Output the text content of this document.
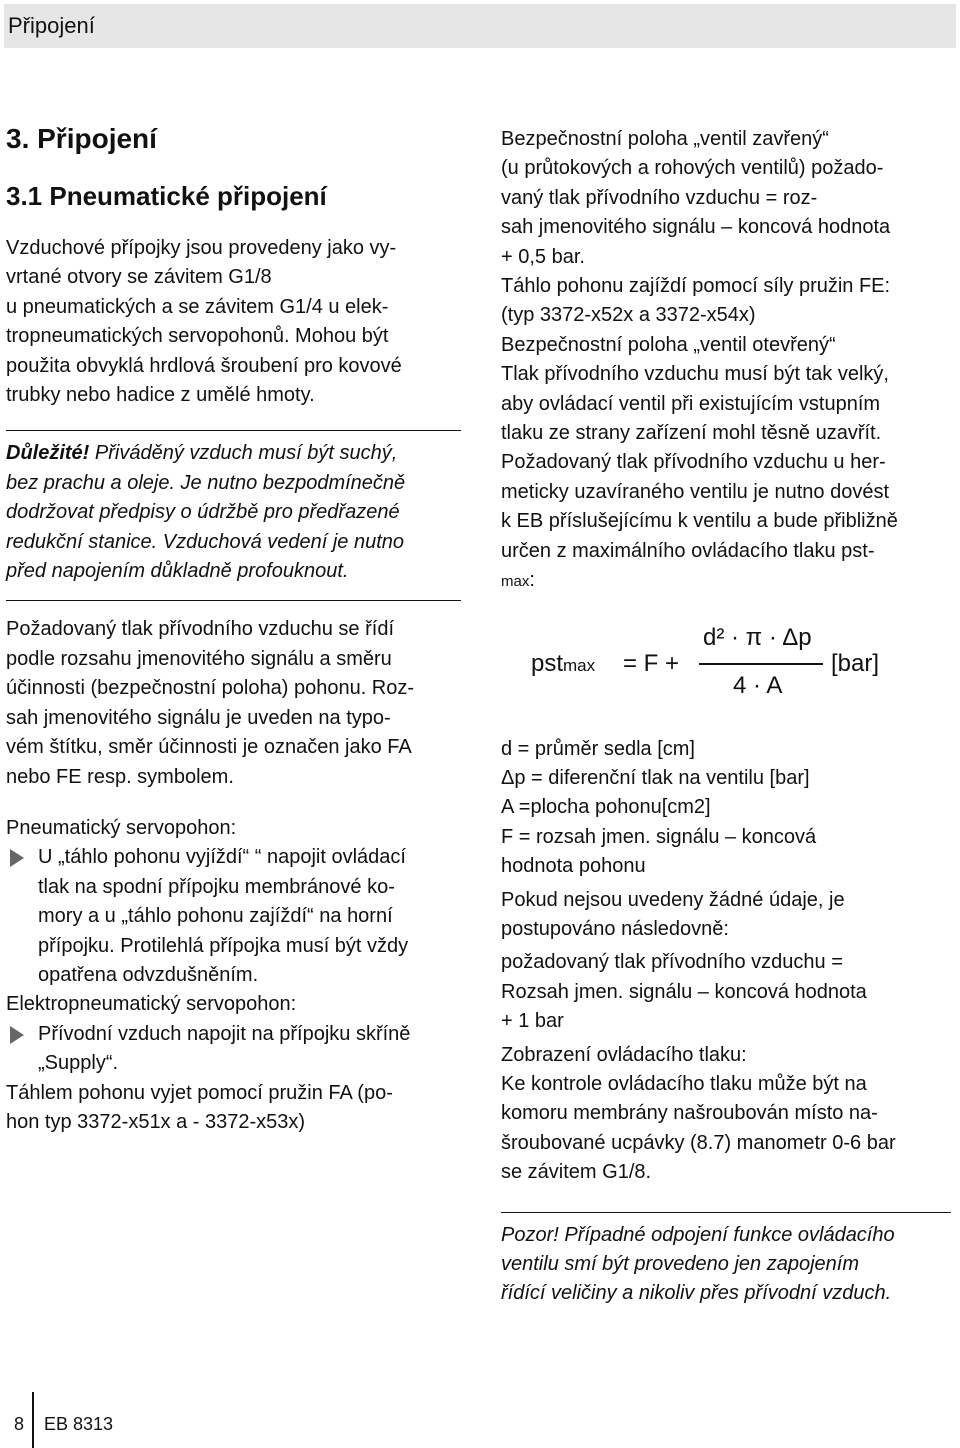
Připojení

3. Připojení

3.1 Pneumatické připojení

Vzduchové přípojky jsou provedeny jako vy-
vrtané otvory se závitem G1/8
u pneumatických a se závitem G1/4 u elek-
tropneumatických servopohonů. Mohou být
použita obvyklá hrdlová šroubení pro kovové
trubky nebo hadice z umělé hmoty.

Důležité! Přiváděný vzduch musí být suchý,
bez prachu a oleje. Je nutno bezpodmínečně
dodržovat předpisy o údržbě pro předřazené
redukční stanice. Vzduchová vedení je nutno
před napojením důkladně profouknout.

Požadovaný tlak přívodního vzduchu se řídí
podle rozsahu jmenovitého signálu a směru
účinnosti (bezpečnostní poloha) pohonu. Roz-
sah jmenovitého signálu je uveden na typo-
vém štítku, směr účinnosti je označen jako FA
nebo FE resp. symbolem.

Pneumatický servopohon:

U „táhlo pohonu vyjíždí“ “ napojit ovládací
tlak na spodní přípojku membránové ko-
mory a u „táhlo pohonu zajíždí“ na horní
přípojku. Protilehlá přípojka musí být vždy
opatřena odvzdušněním.

Elektropneumatický servopohon:

Přívodní vzduch napojit na přípojku skříně
„Supply“.

Táhlem pohonu vyjet pomocí pružin FA (po-
hon typ 3372-x51x a - 3372-x53x)

Bezpečnostní poloha „ventil zavřený“

(u průtokových a rohových ventilů) požado-
vaný tlak přívodního vzduchu = roz-
sah jmenovitého signálu – koncová hodnota
+ 0,5 bar.

Táhlo pohonu zajíždí pomocí síly pružin FE:

(typ 3372-x52x a 3372-x54x)

Bezpečnostní poloha „ventil otevřený“

Tlak přívodního vzduchu musí být tak velký,
aby ovládací ventil při existujícím vstupním
tlaku ze strany zařízení mohl těsně uzavřít.
Požadovaný tlak přívodního vzduchu u her-
meticky uzavíraného ventilu je nutno dovést
k EB příslušejícímu k ventilu a bude přibližně
určen z maximálního ovládacího tlaku pst-
max:

pstmax = F +
d² · π · Δp
4 · A
[bar]

d = průměr sedla [cm]
Δp = diferenční tlak na ventilu [bar]
A =plocha pohonu[cm2]
F = rozsah jmen. signálu – koncová
hodnota pohonu

Pokud nejsou uvedeny žádné údaje, je
postupováno následovně:

požadovaný tlak přívodního vzduchu =
Rozsah jmen. signálu – koncová hodnota
+ 1 bar

Zobrazení ovládacího tlaku:

Ke kontrole ovládacího tlaku může být na
komoru membrány našroubován místo na-
šroubované ucpávky (8.7) manometr 0-6 bar
se závitem G1/8.

Pozor! Případné odpojení funkce ovládacího
ventilu smí být provedeno jen zapojením
řídící veličiny a nikoliv přes přívodní vzduch.

8 EB 8313
